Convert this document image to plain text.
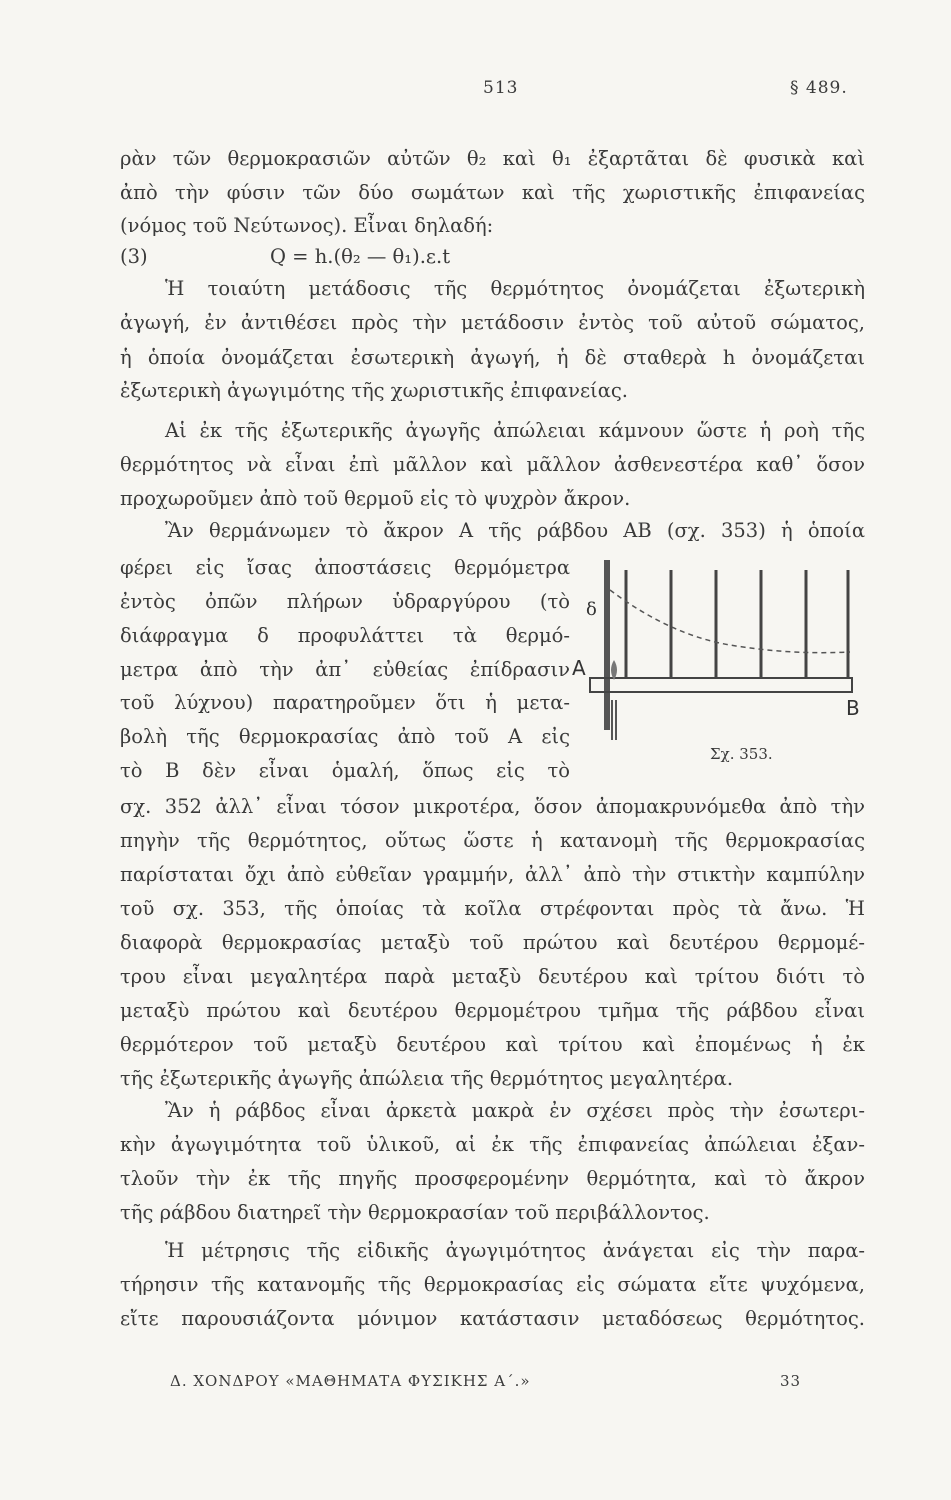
513	§ 489.
ρὰν τῶν θερμοκρασιῶν αὐτῶν θ₂ καὶ θ₁ ἐξαρτᾶται δὲ φυσικὰ καὶ
ἀπὸ τὴν φύσιν τῶν δύο σωμάτων καὶ τῆς χωριστικῆς ἐπιφανείας
(νόμος τοῦ Νεύτωνος). Εἶναι δηλαδή:
(3)	Q = h.(θ₂ — θ₁).ε.t
Ἡ τοιαύτη μετάδοσις τῆς θερμότητος ὀνομάζεται ἐξωτερικὴ
ἀγωγή, ἐν ἀντιθέσει πρὸς τὴν μετάδοσιν ἐντὸς τοῦ αὐτοῦ σώματος,
ἡ ὁποία ὀνομάζεται ἐσωτερικὴ ἀγωγή, ἡ δὲ σταθερὰ h ὀνομάζεται
ἐξωτερικὴ ἀγωγιμότης τῆς χωριστικῆς ἐπιφανείας.
Αἱ ἐκ τῆς ἐξωτερικῆς ἀγωγῆς ἀπώλειαι κάμνουν ὥστε ἡ ροὴ τῆς
θερμότητος νὰ εἶναι ἐπὶ μᾶλλον καὶ μᾶλλον ἀσθενεστέρα καθ᾽ ὅσον
προχωροῦμεν ἀπὸ τοῦ θερμοῦ εἰς τὸ ψυχρὸν ἄκρον.
Ἂν θερμάνωμεν τὸ ἄκρον Α τῆς ράβδου ΑΒ (σχ. 353) ἡ ὁποία
φέρει εἰς ἴσας ἀποστάσεις θερμόμετρα
ἐντὸς ὀπῶν πλήρων ὑδραργύρου (τὸ
διάφραγμα δ προφυλάττει τὰ θερμό-
μετρα ἀπὸ τὴν ἀπ᾽ εὐθείας ἐπίδρασιν
τοῦ λύχνου) παρατηροῦμεν ὅτι ἡ μετα-
βολὴ τῆς θερμοκρασίας ἀπὸ τοῦ Α εἰς
τὸ Β δὲν εἶναι ὁμαλή, ὅπως εἰς τὸ
δ
A
B
Σχ. 353.
σχ. 352 ἀλλ᾽ εἶναι τόσον μικροτέρα, ὅσον ἀπομακρυνόμεθα ἀπὸ τὴν
πηγὴν τῆς θερμότητος, οὕτως ὥστε ἡ κατανομὴ τῆς θερμοκρασίας
παρίσταται ὄχι ἀπὸ εὐθεῖαν γραμμήν, ἀλλ᾽ ἀπὸ τὴν στικτὴν καμπύλην
τοῦ σχ. 353, τῆς ὁποίας τὰ κοῖλα στρέφονται πρὸς τὰ ἄνω. Ἡ
διαφορὰ θερμοκρασίας μεταξὺ τοῦ πρώτου καὶ δευτέρου θερμομέ-
τρου εἶναι μεγαλητέρα παρὰ μεταξὺ δευτέρου καὶ τρίτου διότι τὸ
μεταξὺ πρώτου καὶ δευτέρου θερμομέτρου τμῆμα τῆς ράβδου εἶναι
θερμότερον τοῦ μεταξὺ δευτέρου καὶ τρίτου καὶ ἐπομένως ἡ ἐκ
τῆς ἐξωτερικῆς ἀγωγῆς ἀπώλεια τῆς θερμότητος μεγαλητέρα.
Ἂν ἡ ράβδος εἶναι ἀρκετὰ μακρὰ ἐν σχέσει πρὸς τὴν ἐσωτερι-
κὴν ἀγωγιμότητα τοῦ ὑλικοῦ, αἱ ἐκ τῆς ἐπιφανείας ἀπώλειαι ἐξαν-
τλοῦν τὴν ἐκ τῆς πηγῆς προσφερομένην θερμότητα, καὶ τὸ ἄκρον
τῆς ράβδου διατηρεῖ τὴν θερμοκρασίαν τοῦ περιβάλλοντος.
Ἡ μέτρησις τῆς εἰδικῆς ἀγωγιμότητος ἀνάγεται εἰς τὴν παρα-
τήρησιν τῆς κατανομῆς τῆς θερμοκρασίας εἰς σώματα εἴτε ψυχόμενα,
εἴτε παρουσιάζοντα μόνιμον κατάστασιν μεταδόσεως θερμότητος.
Δ. ΧΟΝΔΡΟΥ «ΜΑΘΗΜΑΤΑ ΦΥΣΙΚΗΣ Α΄.»	33
